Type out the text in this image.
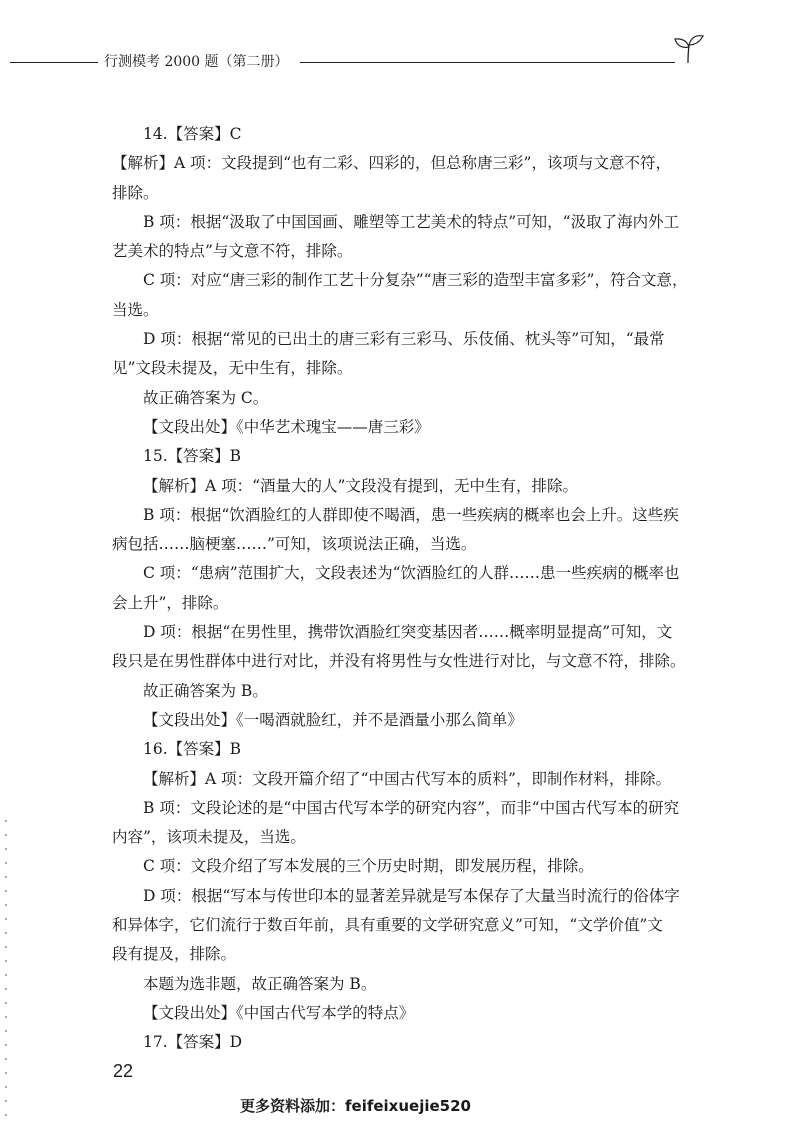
行测模考 2000 题（第二册）
14.【答案】C
【解析】A 项：文段提到“也有二彩、四彩的，但总称唐三彩”，该项与文意不符，
排除。
B 项：根据“汲取了中国国画、雕塑等工艺美术的特点”可知，“汲取了海内外工
艺美术的特点”与文意不符，排除。
C 项：对应“唐三彩的制作工艺十分复杂”“唐三彩的造型丰富多彩”，符合文意，
当选。
D 项：根据“常见的已出土的唐三彩有三彩马、乐伎俑、枕头等”可知，“最常
见”文段未提及，无中生有，排除。
故正确答案为 C。
【文段出处】《中华艺术瑰宝——唐三彩》
15.【答案】B
【解析】A 项：“酒量大的人”文段没有提到，无中生有，排除。
B 项：根据“饮酒脸红的人群即使不喝酒，患一些疾病的概率也会上升。这些疾
病包括……脑梗塞……”可知，该项说法正确，当选。
C 项：“患病”范围扩大，文段表述为“饮酒脸红的人群……患一些疾病的概率也
会上升”，排除。
D 项：根据“在男性里，携带饮酒脸红突变基因者……概率明显提高”可知，文
段只是在男性群体中进行对比，并没有将男性与女性进行对比，与文意不符，排除。
故正确答案为 B。
【文段出处】《一喝酒就脸红，并不是酒量小那么简单》
16.【答案】B
【解析】A 项：文段开篇介绍了“中国古代写本的质料”，即制作材料，排除。
B 项：文段论述的是“中国古代写本学的研究内容”，而非“中国古代写本的研究
内容”，该项未提及，当选。
C 项：文段介绍了写本发展的三个历史时期，即发展历程，排除。
D 项：根据“写本与传世印本的显著差异就是写本保存了大量当时流行的俗体字
和异体字，它们流行于数百年前，具有重要的文学研究意义”可知，“文学价值”文
段有提及，排除。
本题为选非题，故正确答案为 B。
【文段出处】《中国古代写本学的特点》
17.【答案】D
22
更多资料添加：feifeixuejie520
